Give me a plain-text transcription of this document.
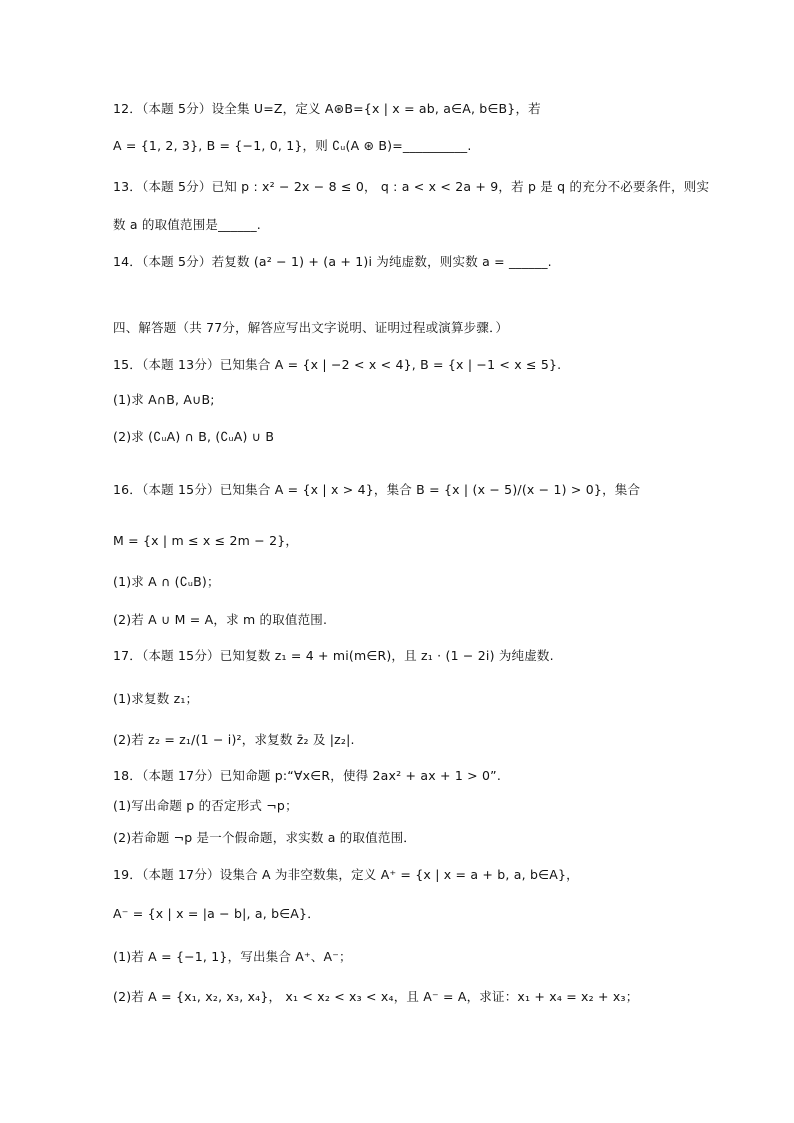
12．（本题 5分）设全集 U=Z，定义 A⊛B={x | x = ab, a∈A, b∈B}，若
A = {1, 2, 3}, B = {−1, 0, 1}，则 ∁ᵤ(A ⊛ B)=__________.
13．（本题 5分）已知 p : x² − 2x − 8 ≤ 0， q : a < x < 2a + 9，若 p 是 q 的充分不必要条件，则实
数 a 的取值范围是______.
14．（本题 5分）若复数 (a² − 1) + (a + 1)i 为纯虚数，则实数 a = ______.
四、解答题（共 77分，解答应写出文字说明、证明过程或演算步骤．）
15．（本题 13分）已知集合 A = {x | −2 < x < 4}, B = {x | −1 < x ≤ 5}.
(1)求 A∩B, A∪B;
(2)求 (∁ᵤA) ∩ B, (∁ᵤA) ∪ B
16．（本题 15分）已知集合 A = {x | x > 4}，集合 B = {x | (x − 5)/(x − 1) > 0}，集合
M = {x | m ≤ x ≤ 2m − 2}，
(1)求 A ∩ (∁ᵤB)；
(2)若 A ∪ M = A，求 m 的取值范围.
17．（本题 15分）已知复数 z₁ = 4 + mi(m∈R)，且 z₁ · (1 − 2i) 为纯虚数.
(1)求复数 z₁；
(2)若 z₂ = z₁/(1 − i)²，求复数 z̄₂ 及 |z₂|.
18．（本题 17分）已知命题 p:“∀x∈R，使得 2ax² + ax + 1 > 0”.
(1)写出命题 p 的否定形式 ¬p；
(2)若命题 ¬p 是一个假命题，求实数 a 的取值范围．
19．（本题 17分）设集合 A 为非空数集，定义 A⁺ = {x | x = a + b, a, b∈A}，
A⁻ = {x | x = |a − b|, a, b∈A}．
(1)若 A = {−1, 1}，写出集合 A⁺、A⁻；
(2)若 A = {x₁, x₂, x₃, x₄}， x₁ < x₂ < x₃ < x₄，且 A⁻ = A，求证：x₁ + x₄ = x₂ + x₃；
